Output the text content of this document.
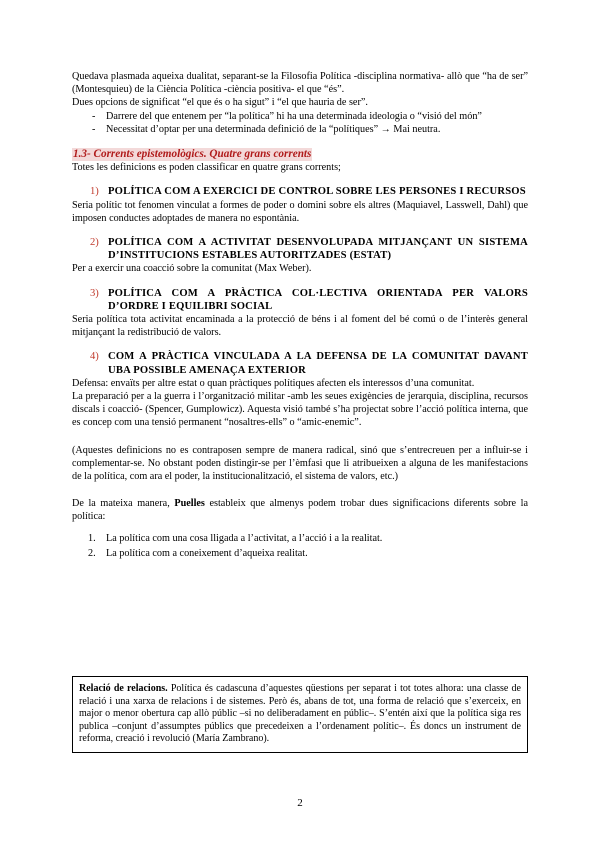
Quedava plasmada aqueixa dualitat, separant-se la Filosofia Política -disciplina normativa- allò que “ha de ser” (Montesquieu) de la Ciència Política -ciència positiva- el que “és”.

Dues opcions de significat “el que és o ha sigut” i “el que hauria de ser”.

- Darrere del que entenem per “la política” hi ha una determinada ideologia o “visió del món”
- Necessitat d’optar per una determinada definició de la “polítiques” → Mai neutra.
1.3- Corrents epistemològics. Quatre grans corrents

Totes les definicions es poden classificar en quatre grans corrents;

1) POLÍTICA COM A EXERCICI DE CONTROL SOBRE LES PERSONES I RECURSOS

Seria polític tot fenomen vinculat a formes de poder o domini sobre els altres (Maquiavel, Lasswell, Dahl) que imposen conductes adoptades de manera no espontània.

2) POLÍTICA COM A ACTIVITAT DESENVOLUPADA MITJANÇANT UN SISTEMA D’INSTITUCIONS ESTABLES AUTORITZADES (ESTAT)

Per a exercir una coacció sobre la comunitat (Max Weber).

3) POLÍTICA COM A PRÀCTICA COL·LECTIVA ORIENTADA PER VALORS D’ORDRE I EQUILIBRI SOCIAL

Seria política tota activitat encaminada a la protecció de béns i al foment del bé comú o de l’interès general mitjançant la redistribució de valors.

4) COM A PRÀCTICA VINCULADA A LA DEFENSA DE LA COMUNITAT DAVANT UBA POSSIBLE AMENAÇA EXTERIOR

Defensa: envaïts per altre estat o quan pràctiques polítiques afecten els interessos d’una comunitat.

La preparació per a la guerra i l’organització militar -amb les seues exigències de jerarquia, disciplina, recursos discals i coacció- (Spencer, Gumplowicz). Aquesta visió també s’ha projectat sobre l’acció política interna, que es concep com una tensió permanent “nosaltres-ells” o “amic-enemic”.

(Aquestes definicions no es contraposen sempre de manera radical, sinó que s’entrecreuen per a influir-se i complementar-se. No obstant poden distingir-se per l’èmfasi que li atribueixen a alguna de les manifestacions de la política, com ara el poder, la institucionalització, el sistema de valors, etc.)

De la mateixa manera, Puelles estableix que almenys podem trobar dues significacions diferents sobre la política:

1. La política com una cosa lligada a l’activitat, a l’acció i a la realitat.
2. La política com a coneixement d’aqueixa realitat.
Relació de relacions. Política és cadascuna d’aquestes qüestions per separat i tot totes alhora: una classe de relació i una xarxa de relacions i de sistemes. Però és, abans de tot, una forma de relació que s’exerceix, en major o menor obertura cap allò públic –si no deliberadament en públic–. S’entén així que la política siga res publica –conjunt d’assumptes públics que precedeixen a l’ordenament polític–. És doncs un instrument de reforma, creació i revolució (María Zambrano).
2
